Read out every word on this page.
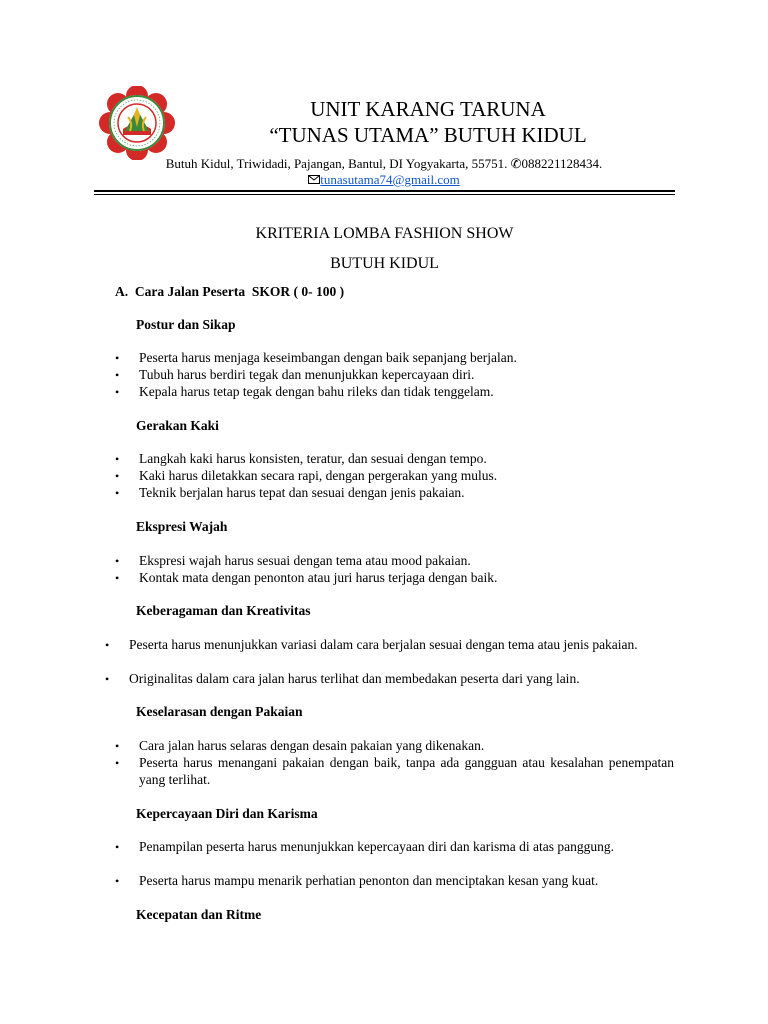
UNIT KARANG TARUNA
“TUNAS UTAMA” BUTUH KIDUL
Butuh Kidul, Triwidadi, Pajangan, Bantul, DI Yogyakarta, 55751. ✆088221128434.
tunasutama74@gmail.com
KRITERIA LOMBA FASHION SHOW
BUTUH KIDUL
A.  Cara Jalan Peserta  SKOR ( 0- 100 )
Postur dan Sikap
• Peserta harus menjaga keseimbangan dengan baik sepanjang berjalan.
• Tubuh harus berdiri tegak dan menunjukkan kepercayaan diri.
• Kepala harus tetap tegak dengan bahu rileks dan tidak tenggelam.
Gerakan Kaki
• Langkah kaki harus konsisten, teratur, dan sesuai dengan tempo.
• Kaki harus diletakkan secara rapi, dengan pergerakan yang mulus.
• Teknik berjalan harus tepat dan sesuai dengan jenis pakaian.
Ekspresi Wajah
• Ekspresi wajah harus sesuai dengan tema atau mood pakaian.
• Kontak mata dengan penonton atau juri harus terjaga dengan baik.
Keberagaman dan Kreativitas
• Peserta harus menunjukkan variasi dalam cara berjalan sesuai dengan tema atau jenis pakaian.
• Originalitas dalam cara jalan harus terlihat dan membedakan peserta dari yang lain.
Keselarasan dengan Pakaian
• Cara jalan harus selaras dengan desain pakaian yang dikenakan.
• Peserta harus menangani pakaian dengan baik, tanpa ada gangguan atau kesalahan penempatan yang terlihat.
Kepercayaan Diri dan Karisma
• Penampilan peserta harus menunjukkan kepercayaan diri dan karisma di atas panggung.
• Peserta harus mampu menarik perhatian penonton dan menciptakan kesan yang kuat.
Kecepatan dan Ritme
